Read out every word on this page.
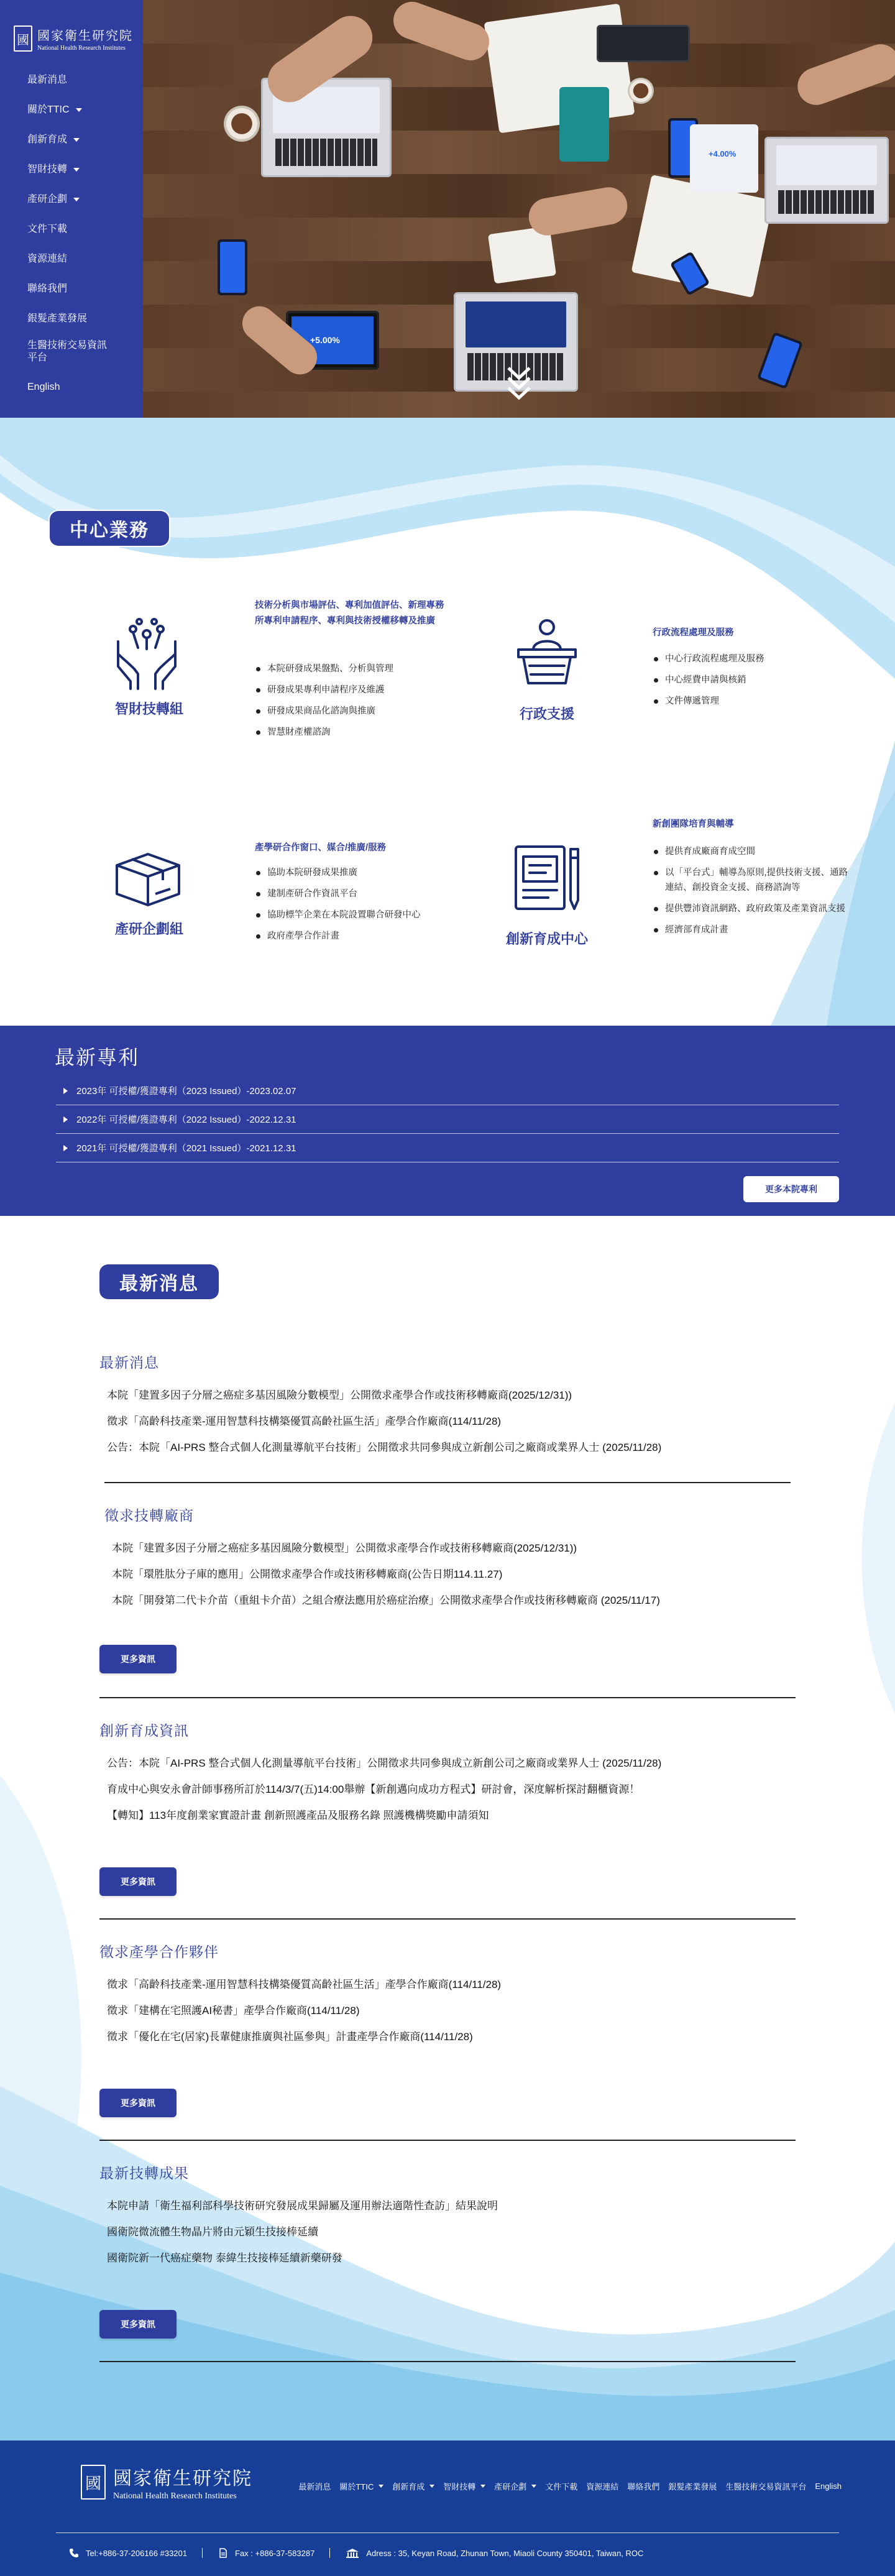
國 國家衛生研究院
National Health Research Institutes
最新消息
關於TTIC
創新育成
智財技轉
產研企劃
文件下載
資源連結
聯絡我們
銀髮產業發展
生醫技術交易資訊平台
English
+5.00%
+4.00%
中心業務
智財技轉組
技術分析與市場評估、專利加值評估、新理專務所專利申請程序、專利與技術授權移轉及推廣
本院研發成果盤點、分析與管理
研發成果專利申請程序及維護
研發成果商品化諮詢與推廣
智慧財產權諮詢
行政支援
行政流程處理及服務
中心行政流程處理及服務
中心經費申請與核銷
文件傳遞管理
產研企劃組
產學研合作窗口、媒合/推廣/服務
協助本院研發成果推廣
建制產研合作資訊平台
協助標竿企業在本院設置聯合研發中心
政府產學合作計畫	創新育成中心
新創團隊培育與輔導
提供育成廠商育成空間
以「平台式」輔導為原則,提供技術支援、通路連結、創投資金支援、商務諮詢等
提供豐沛資訊網路、政府政策及產業資訊支援
經濟部育成計畫
最新專利
2023年 可授權/獲證專利（2023 Issued）-2023.02.07
2022年 可授權/獲證專利（2022 Issued）-2022.12.31
2021年 可授權/獲證專利（2021 Issued）-2021.12.31
更多本院專利
最新消息
最新消息
本院「建置多因子分層之癌症多基因風險分數模型」公開徵求產學合作或技術移轉廠商(2025/12/31))
徵求「高齡科技產業-運用智慧科技構築優質高齡社區生活」產學合作廠商(114/11/28)
公告：本院「AI-PRS 整合式個人化測量導航平台技術」公開徵求共同參與成立新創公司之廠商或業界人士 (2025/11/28)
徵求技轉廠商
本院「建置多因子分層之癌症多基因風險分數模型」公開徵求產學合作或技術移轉廠商(2025/12/31))
本院「環胜肽分子庫的應用」公開徵求產學合作或技術移轉廠商(公告日期114.11.27)
本院「開發第二代卡介苗（重組卡介苗）之組合療法應用於癌症治療」公開徵求產學合作或技術移轉廠商 (2025/11/17)
更多資訊
創新育成資訊
公告：本院「AI-PRS 整合式個人化測量導航平台技術」公開徵求共同參與成立新創公司之廠商或業界人士 (2025/11/28)
育成中心與安永會計師事務所訂於114/3/7(五)14:00舉辦【新創邁向成功方程式】研討會，深度解析探討翻櫃資源！
【轉知】113年度創業家實證計畫 創新照護產品及服務名錄 照護機構獎勵申請須知
更多資訊
徵求產學合作夥伴
徵求「高齡科技產業-運用智慧科技構築優質高齡社區生活」產學合作廠商(114/11/28)
徵求「建構在宅照護AI秘書」產學合作廠商(114/11/28)
徵求「優化在宅(居家)長輩健康推廣與社區參與」計畫產學合作廠商(114/11/28)
更多資訊
最新技轉成果
本院申請「衛生福利部科學技術研究發展成果歸屬及運用辦法適階性查訪」結果說明
國衛院微流體生物晶片將由元穎生技接棒延續
國衛院新一代癌症藥物 泰緯生技接棒延續新藥研發
更多資訊
國 國家衛生研究院
National Health Research Institutes
最新消息 關於TTIC 創新育成 智財技轉 產研企劃 文件下載 資源連結 聯絡我們 銀髮產業發展 生醫技術交易資訊平台 English
Tel:+886-37-206166 #33201	Fax : +886-37-583287	Adress : 35, Keyan Road, Zhunan Town, Miaoli County 350401, Taiwan, ROC
